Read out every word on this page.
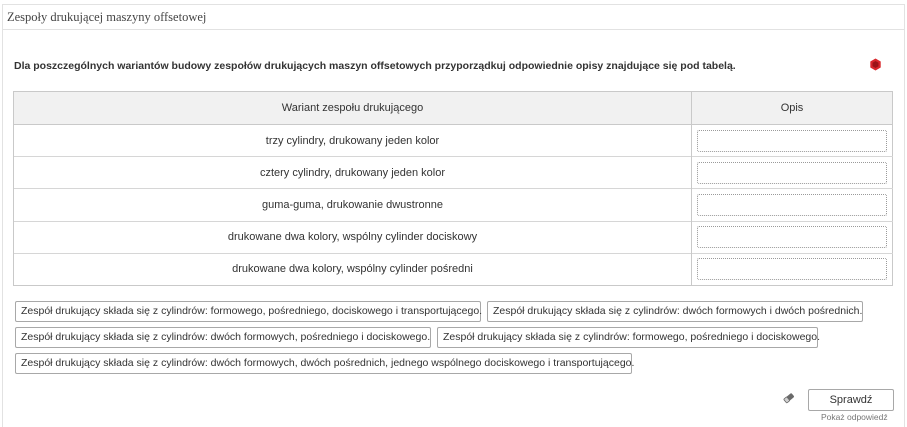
Zespoły drukującej maszyny offsetowej
Dla poszczególnych wariantów budowy zespołów drukujących maszyn offsetowych przyporządkuj odpowiednie opisy znajdujące się pod tabelą.
Wariant zespołu drukującego	Opis
trzy cylindry, drukowany jeden kolor	

cztery cylindry, drukowany jeden kolor	

guma-guma, drukowanie dwustronne	

drukowane dwa kolory, wspólny cylinder dociskowy	

drukowane dwa kolory, wspólny cylinder pośredni	
Zespół drukujący składa się z cylindrów: formowego, pośredniego, dociskowego i transportującego.	Zespół drukujący składa się z cylindrów: dwóch formowych i dwóch pośrednich.
Zespół drukujący składa się z cylindrów: dwóch formowych, pośredniego i dociskowego.	Zespół drukujący składa się z cylindrów: formowego, pośredniego i dociskowego.
Zespół drukujący składa się z cylindrów: dwóch formowych, dwóch pośrednich, jednego wspólnego dociskowego i transportującego.
Sprawdź
Pokaż odpowiedź
